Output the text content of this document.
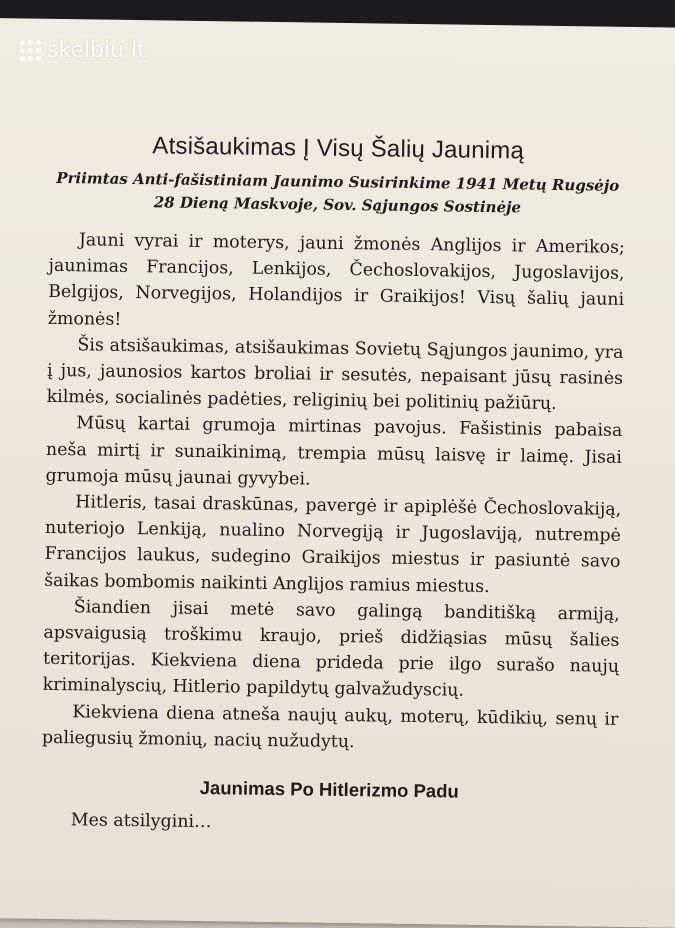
Atsišaukimas Į Visų Šalių Jaunimą
Priimtas Anti-fašistiniam Jaunimo Susirinkime 1941 Metų Rugsėjo 28 Dieną Maskvoje, Sov. Sąjungos Sostinėje

Jauni vyrai ir moterys, jauni žmonės Anglijos ir Amerikos; jaunimas Francijos, Lenkijos, Čechoslovakijos, Jugoslavijos, Belgijos, Norvegijos, Holandijos ir Graikijos! Visų šalių jauni žmonės!

Šis atsišaukimas, atsišaukimas Sovietų Sąjungos jaunimo, yra į jus, jaunosios kartos broliai ir sesutės, nepaisant jūsų rasinės kilmės, socialinės padėties, religinių bei politinių pažiūrų.

Mūsų kartai grumoja mirtinas pavojus. Fašistinis pabaisa neša mirtį ir sunaikinimą, trempia mūsų laisvę ir laimę. Jisai grumoja mūsų jaunai gyvybei.

Hitleris, tasai draskūnas, pavergė ir apiplėšė Čechoslovakiją, nuteriojo Lenkiją, nualino Norvegiją ir Jugoslaviją, nutrempė Francijos laukus, sudegino Graikijos miestus ir pasiuntė savo šaikas bombomis naikinti Anglijos ramius miestus.

Šiandien jisai metė savo galingą banditišką armiją, apsvaigusią troškimu kraujo, prieš didžiąsias mūsų šalies teritorijas. Kiekviena diena prideda prie ilgo surašo naujų kriminalyscių, Hitlerio papildytų galvažudyscių.

Kiekviena diena atneša naujų aukų, moterų, kūdikių, senų ir paliegusių žmonių, nacių nužudytų.

Jaunimas Po Hitlerizmo Padu
Mes atsilygini…
skelbiu.lt
